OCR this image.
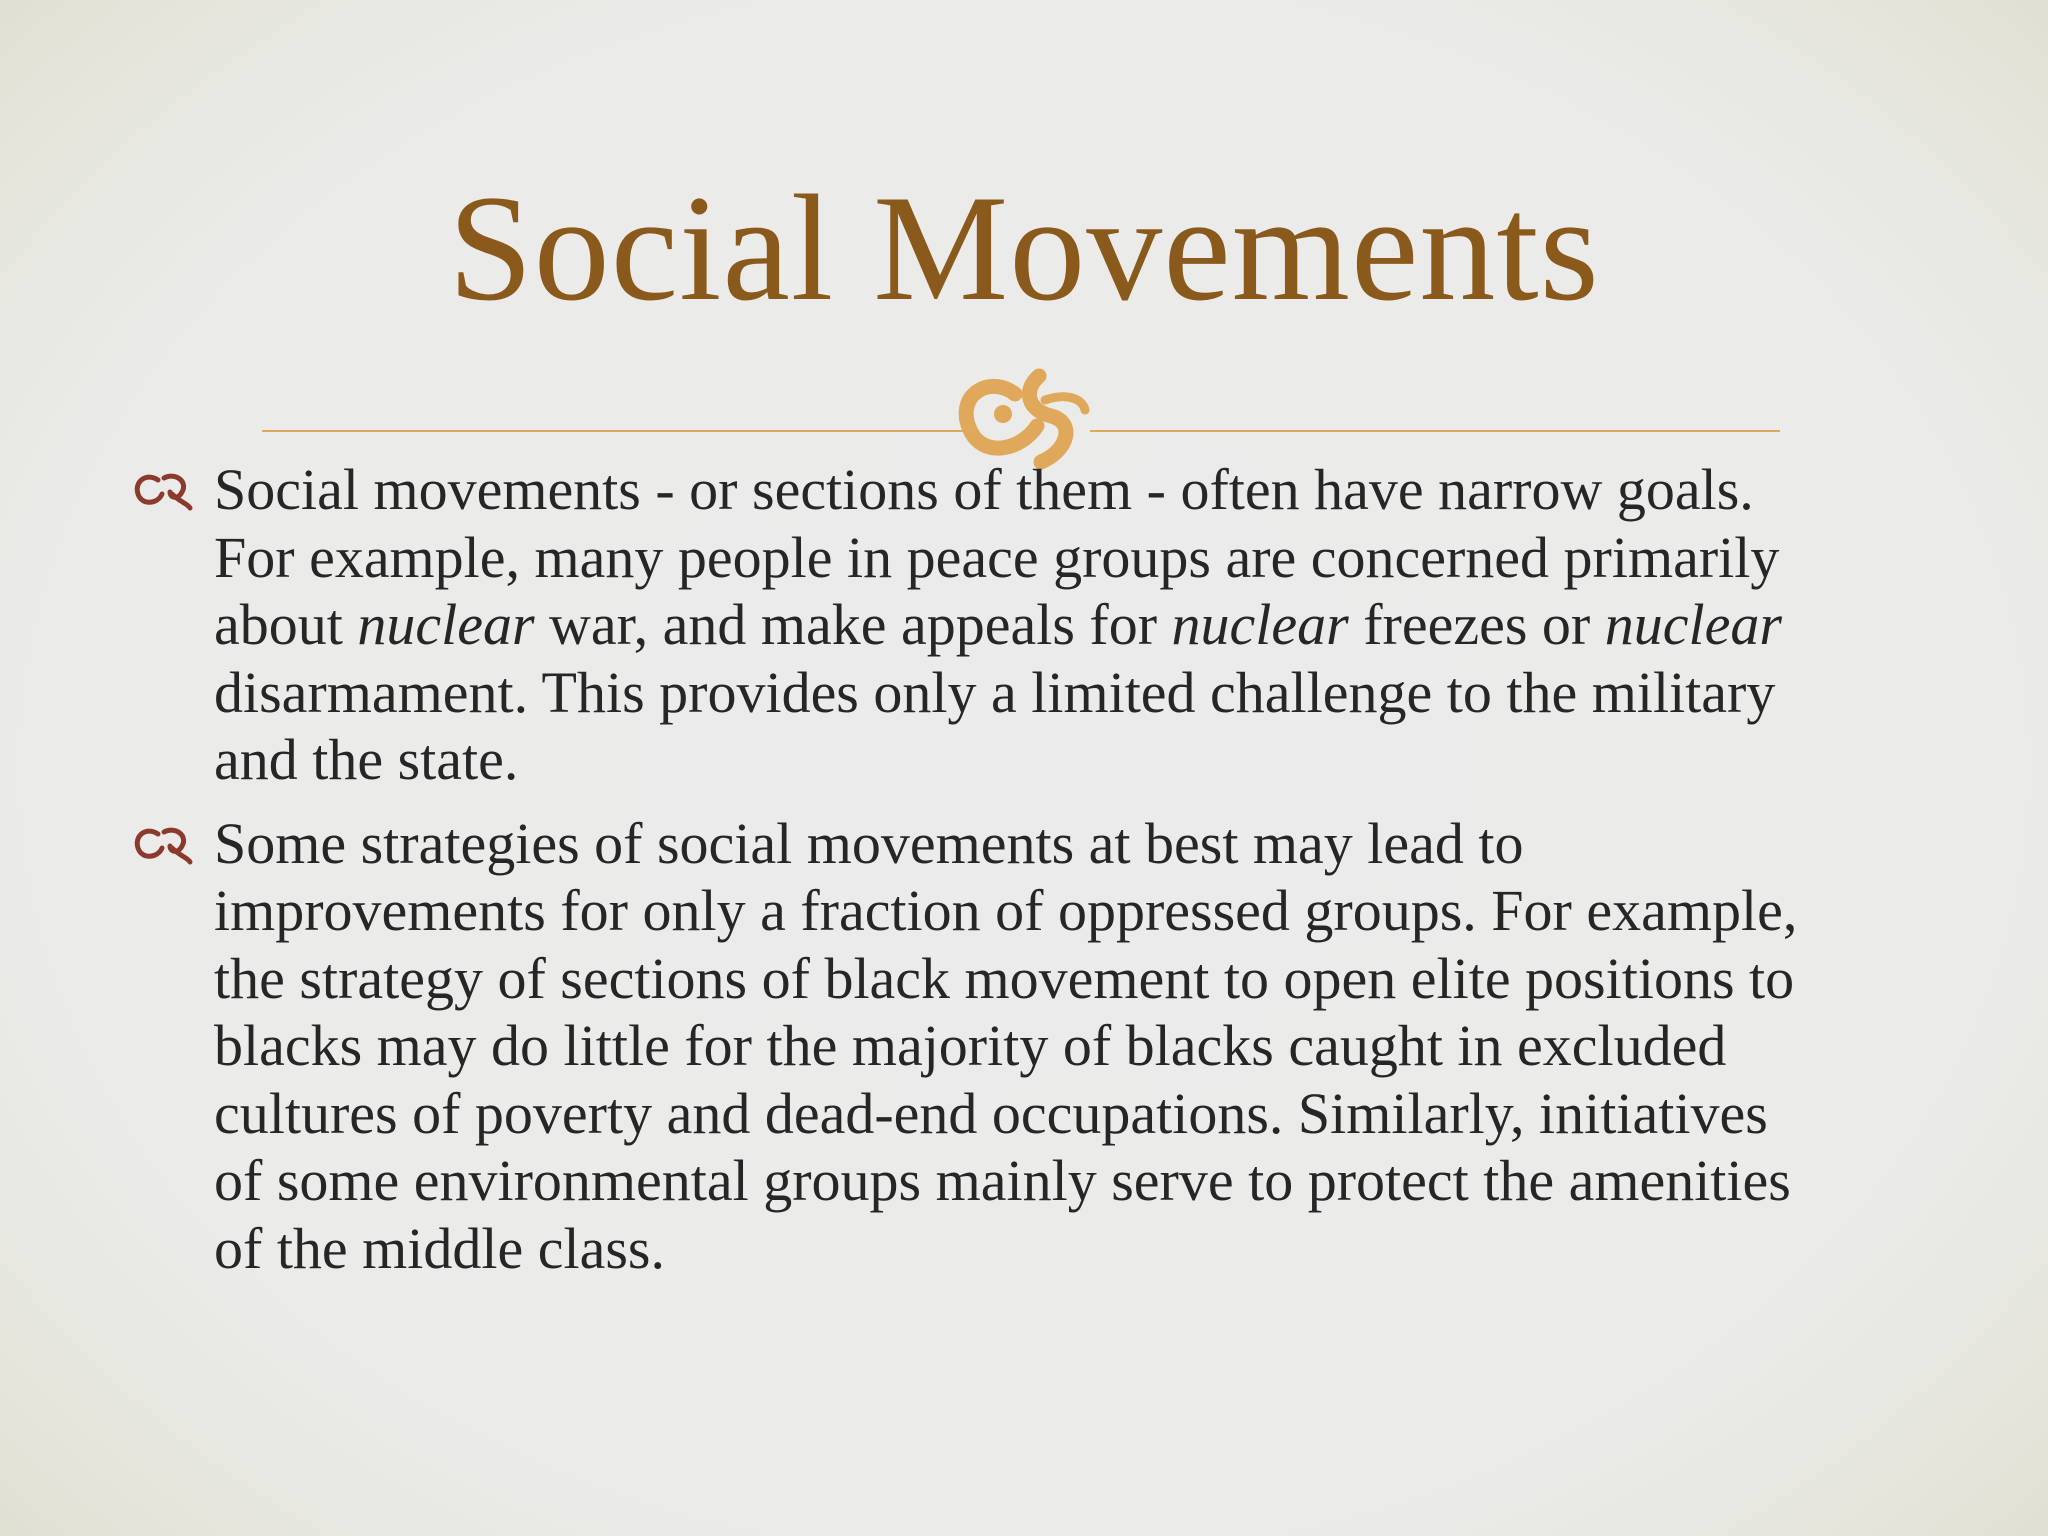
Social Movements
Social movements - or sections of them - often have narrow goals. For example, many people in peace groups are concerned primarily about nuclear war, and make appeals for nuclear freezes or nuclear disarmament. This provides only a limited challenge to the military and the state.
Some strategies of social movements at best may lead to improvements for only a fraction of oppressed groups. For example, the strategy of sections of black movement to open elite positions to blacks may do little for the majority of blacks caught in excluded cultures of poverty and dead-end occupations. Similarly, initiatives of some environmental groups mainly serve to protect the amenities of the middle class.
